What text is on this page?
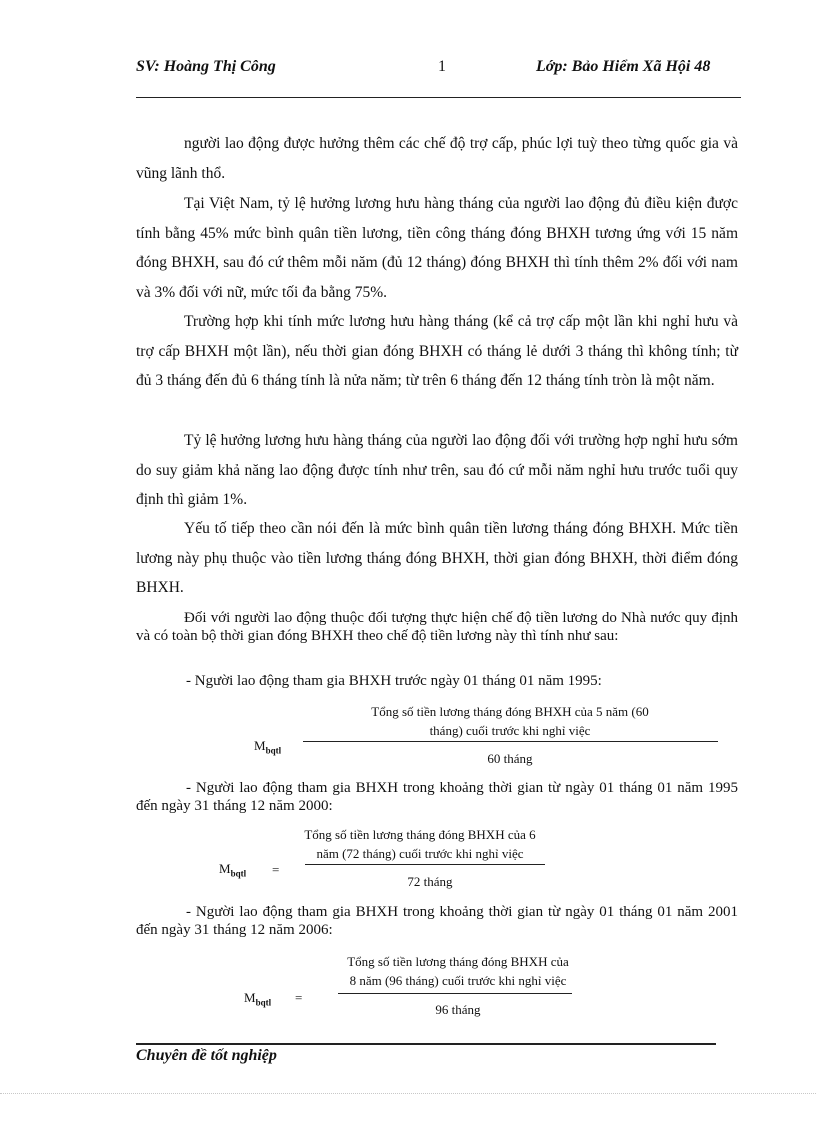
SV: Hoàng Thị Công	1	Lớp: Bảo Hiểm Xã Hội 48

người lao động được hưởng thêm các chế độ trợ cấp, phúc lợi tuỳ theo từng quốc gia và vũng lãnh thổ.

Tại Việt Nam, tỷ lệ hưởng lương hưu hàng tháng của người lao động đủ điều kiện được tính bằng 45% mức bình quân tiền lương, tiền công tháng đóng BHXH tương ứng với 15 năm đóng BHXH, sau đó cứ thêm mỗi năm (đủ 12 tháng) đóng BHXH thì tính thêm 2% đối với nam và 3% đối với nữ, mức tối đa bằng 75%.

Trường hợp khi tính mức lương hưu hàng tháng (kể cả trợ cấp một lần khi nghỉ hưu và trợ cấp BHXH một lần), nếu thời gian đóng BHXH có tháng lẻ dưới 3 tháng thì không tính; từ đủ 3 tháng đến đủ 6 tháng tính là nửa năm; từ trên 6 tháng đến 12 tháng tính tròn là một năm.

Tỷ lệ hưởng lương hưu hàng tháng của người lao động đối với trường hợp nghỉ hưu sớm do suy giảm khả năng lao động được tính như trên, sau đó cứ mỗi năm nghỉ hưu trước tuổi quy định thì giảm 1%.

Yếu tố tiếp theo cần nói đến là mức bình quân tiền lương tháng đóng BHXH. Mức tiền lương này phụ thuộc vào tiền lương tháng đóng BHXH, thời gian đóng BHXH, thời điểm đóng BHXH.

Đối với người lao động thuộc đối tượng thực hiện chế độ tiền lương do Nhà nước quy định và có toàn bộ thời gian đóng BHXH theo chế độ tiền lương này thì tính như sau:

- Người lao động tham gia BHXH trước ngày 01 tháng 01 năm 1995:
Tổng số tiền lương tháng đóng BHXH của 5 năm (60
tháng) cuối trước khi nghỉ việc
60 tháng
$M_{bqtl}$

- Người lao động tham gia BHXH trong khoảng thời gian từ ngày 01 tháng 01 năm 1995 đến ngày 31 tháng 12 năm 2000:

Tổng số tiền lương tháng đóng BHXH của 6
năm (72 tháng) cuối trước khi nghỉ việc
72 tháng
$M_{bqtl}$ =

- Người lao động tham gia BHXH trong khoảng thời gian từ ngày 01 tháng 01 năm 2001 đến ngày 31 tháng 12 năm 2006:

Tổng số tiền lương tháng đóng BHXH của
8 năm (96 tháng) cuối trước khi nghỉ việc
96 tháng
$M_{bqtl}$ =
Chuyên đề tốt nghiệp
